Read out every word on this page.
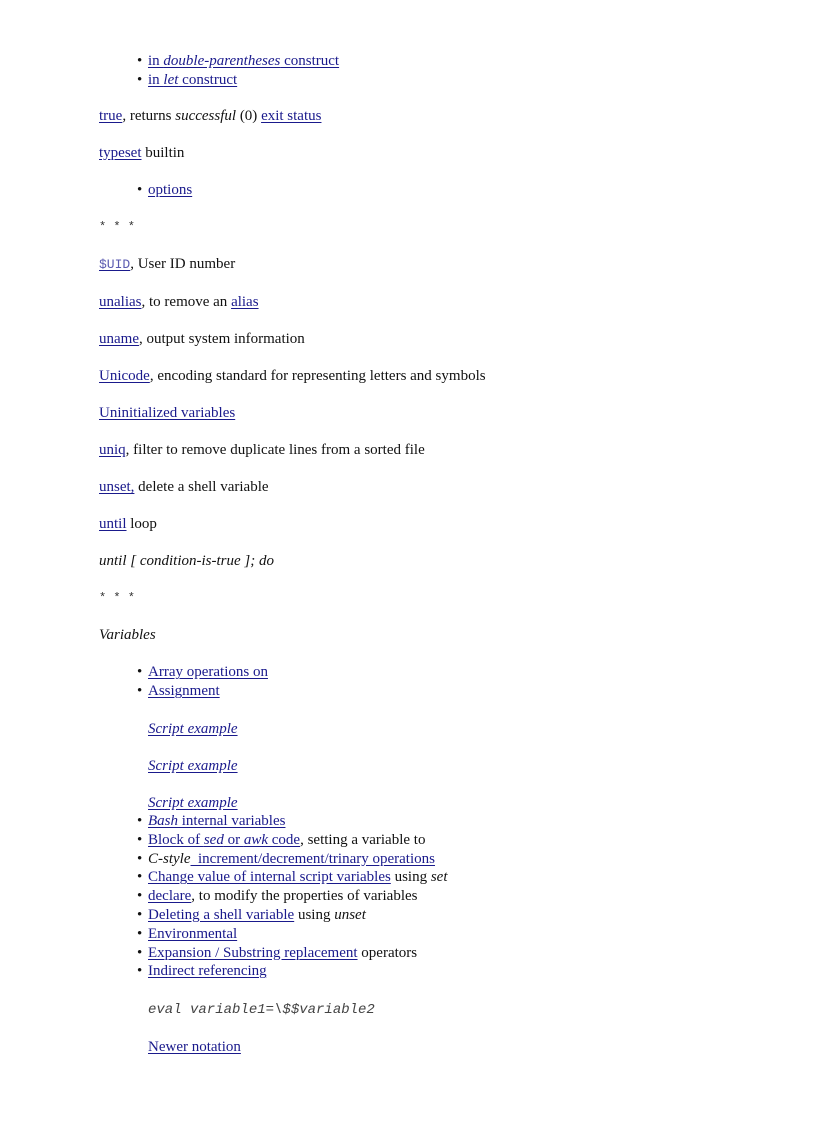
• in double-parentheses construct
• in let construct

true, returns successful (0) exit status

typeset builtin

• options

* * *

$UID, User ID number

unalias, to remove an alias

uname, output system information

Unicode, encoding standard for representing letters and symbols

Uninitialized variables

uniq, filter to remove duplicate lines from a sorted file

unset, delete a shell variable

until loop

until [ condition-is-true ]; do

* * *

Variables

• Array operations on
• Assignment

Script example

Script example

Script example

• Bash internal variables
• Block of sed or awk code, setting a variable to
• C-style  increment/decrement/trinary operations
• Change value of internal script variables using set
• declare, to modify the properties of variables
• Deleting a shell variable using unset
• Environmental
• Expansion / Substring replacement operators
• Indirect referencing

eval variable1=\$$variable2

Newer notation
